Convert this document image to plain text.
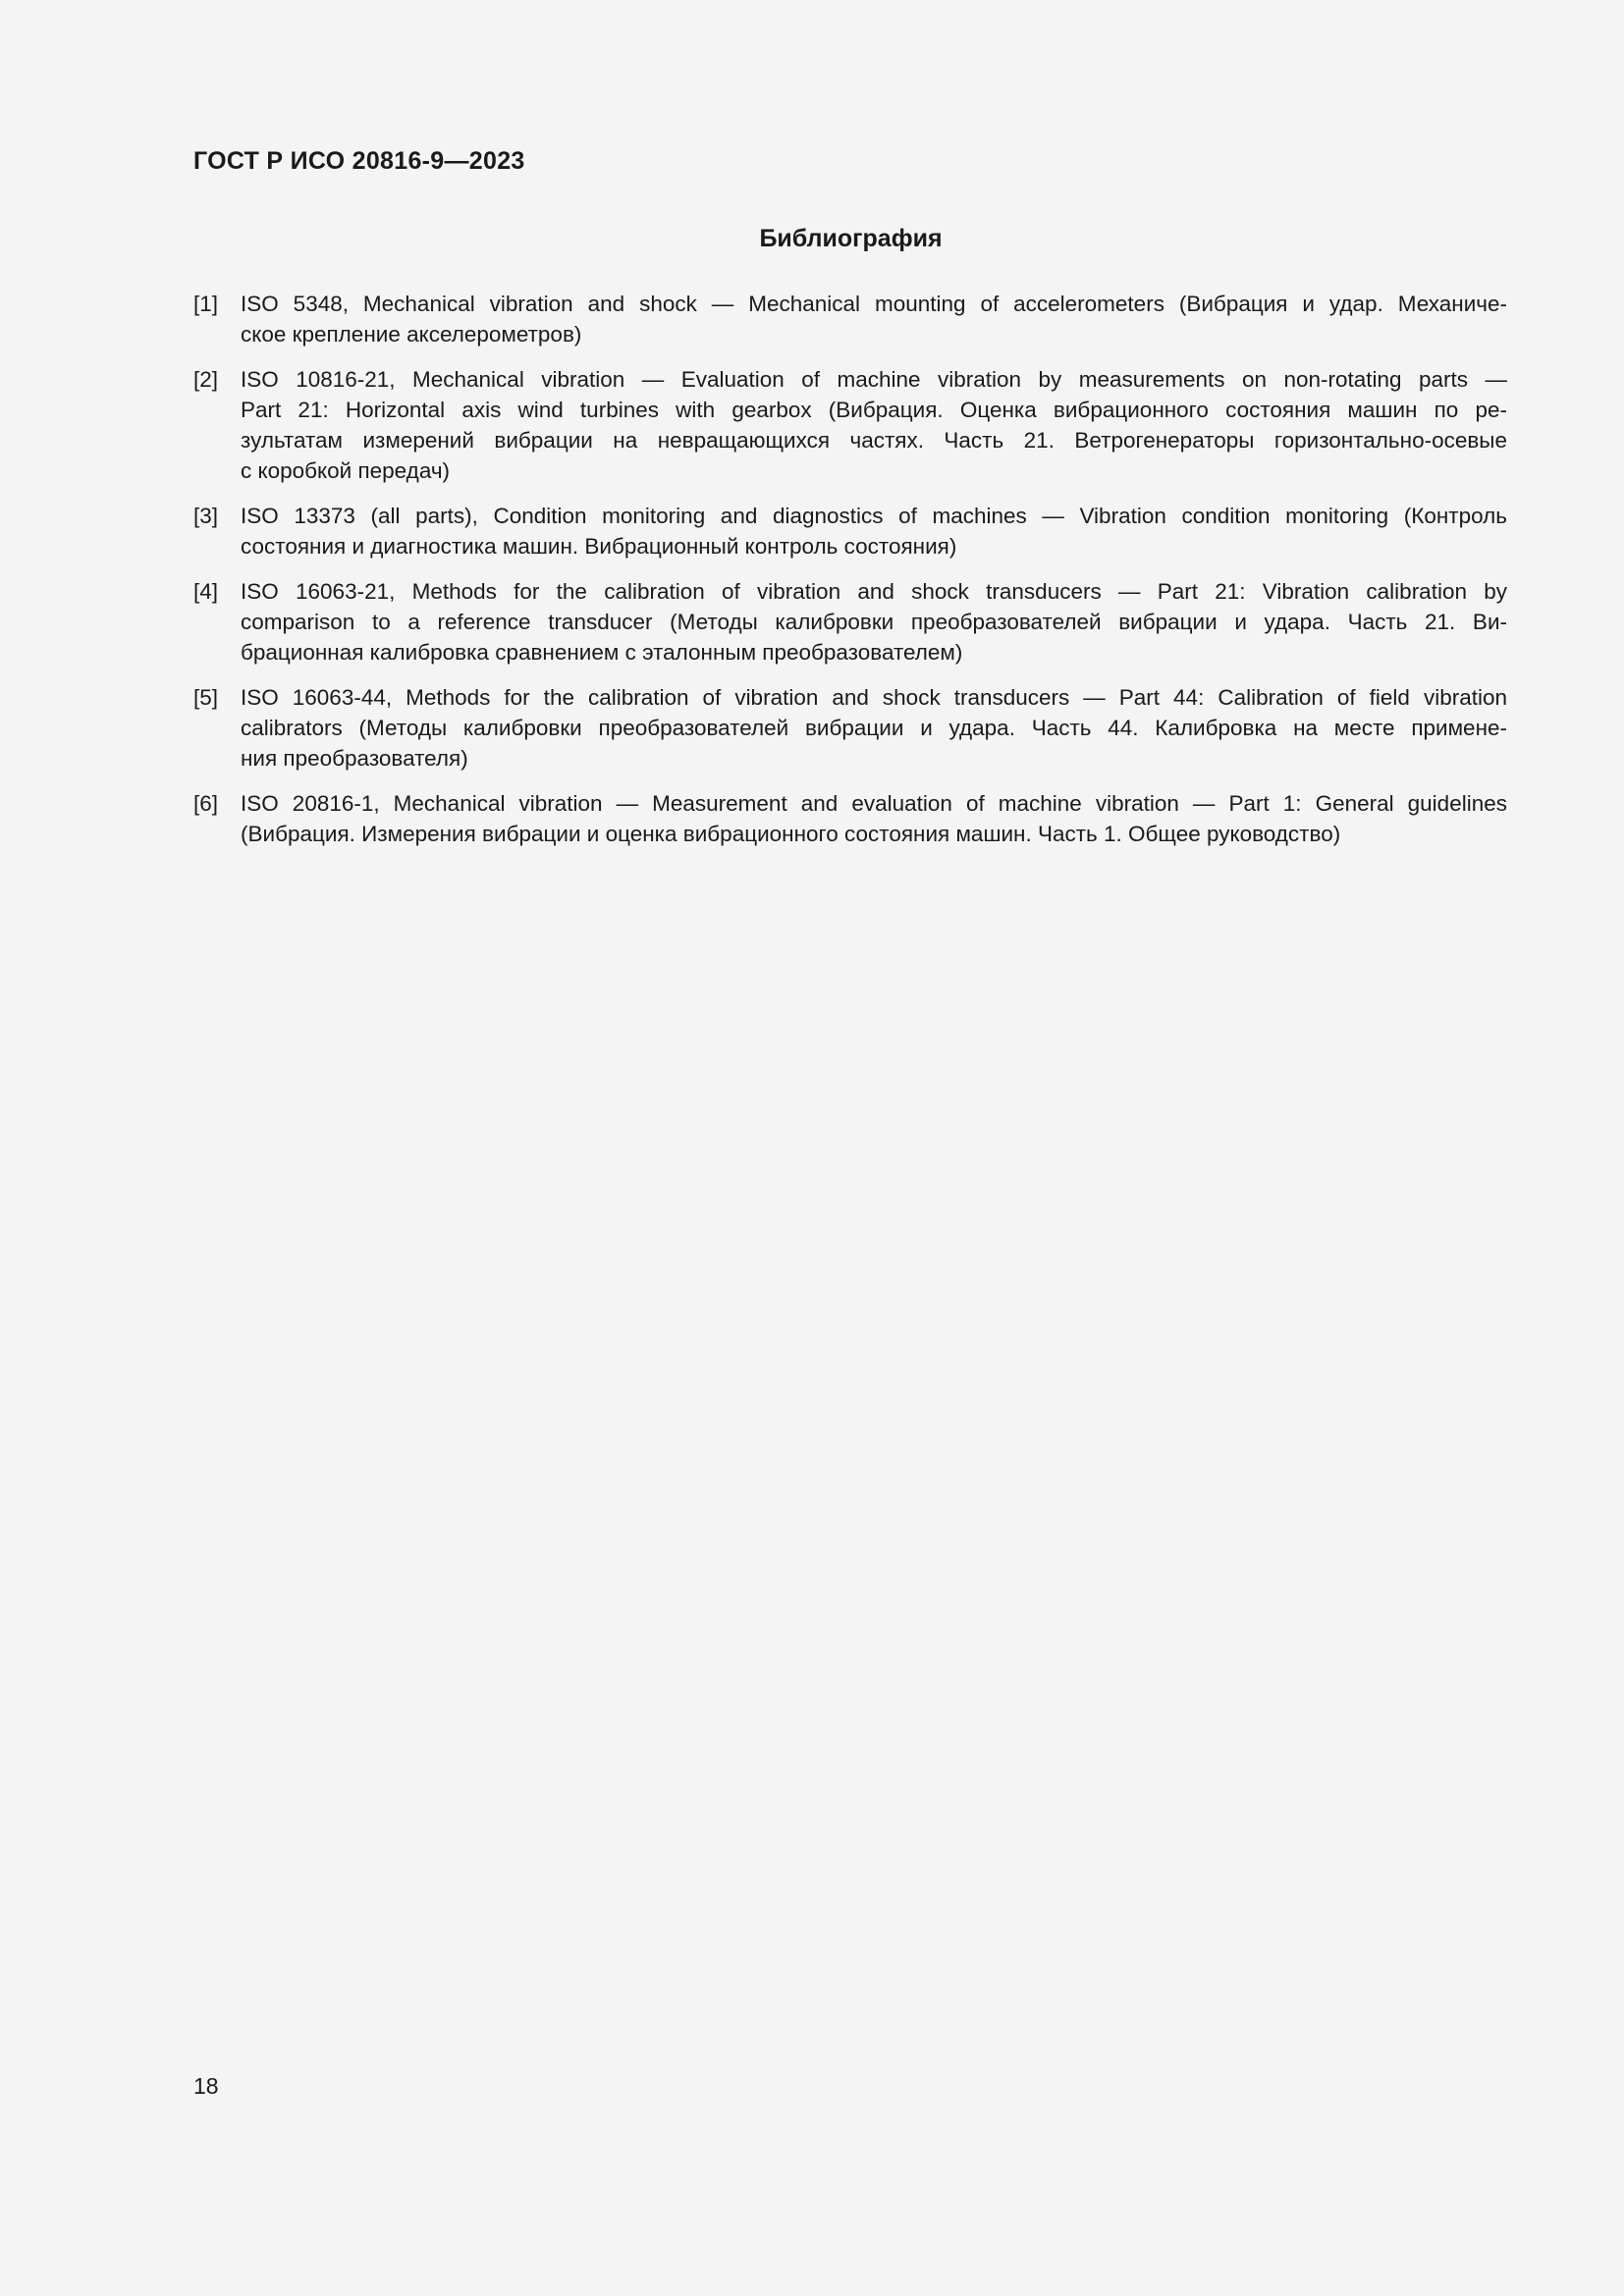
ГОСТ Р ИСО 20816-9—2023
Библиография
[1]	ISO 5348, Mechanical vibration and shock — Mechanical mounting of accelerometers (Вибрация и удар. Механиче-
ское крепление акселерометров)
[2]	ISO 10816-21, Mechanical vibration — Evaluation of machine vibration by measurements on non-rotating parts —
Part 21: Horizontal axis wind turbines with gearbox (Вибрация. Оценка вибрационного состояния машин по ре-
зультатам измерений вибрации на невращающихся частях. Часть 21. Ветрогенераторы горизонтально-осевые
с коробкой передач)
[3]	ISO 13373 (all parts), Condition monitoring and diagnostics of machines — Vibration condition monitoring (Контроль
состояния и диагностика машин. Вибрационный контроль состояния)
[4]	ISO 16063-21, Methods for the calibration of vibration and shock transducers — Part 21: Vibration calibration by
comparison to a reference transducer (Методы калибровки преобразователей вибрации и удара. Часть 21. Ви-
брационная калибровка сравнением с эталонным преобразователем)
[5]	ISO 16063-44, Methods for the calibration of vibration and shock transducers — Part 44: Calibration of field vibration
calibrators (Методы калибровки преобразователей вибрации и удара. Часть 44. Калибровка на месте примене-
ния преобразователя)
[6]	ISO 20816-1, Mechanical vibration — Measurement and evaluation of machine vibration — Part 1: General guidelines
(Вибрация. Измерения вибрации и оценка вибрационного состояния машин. Часть 1. Общее руководство)
18
